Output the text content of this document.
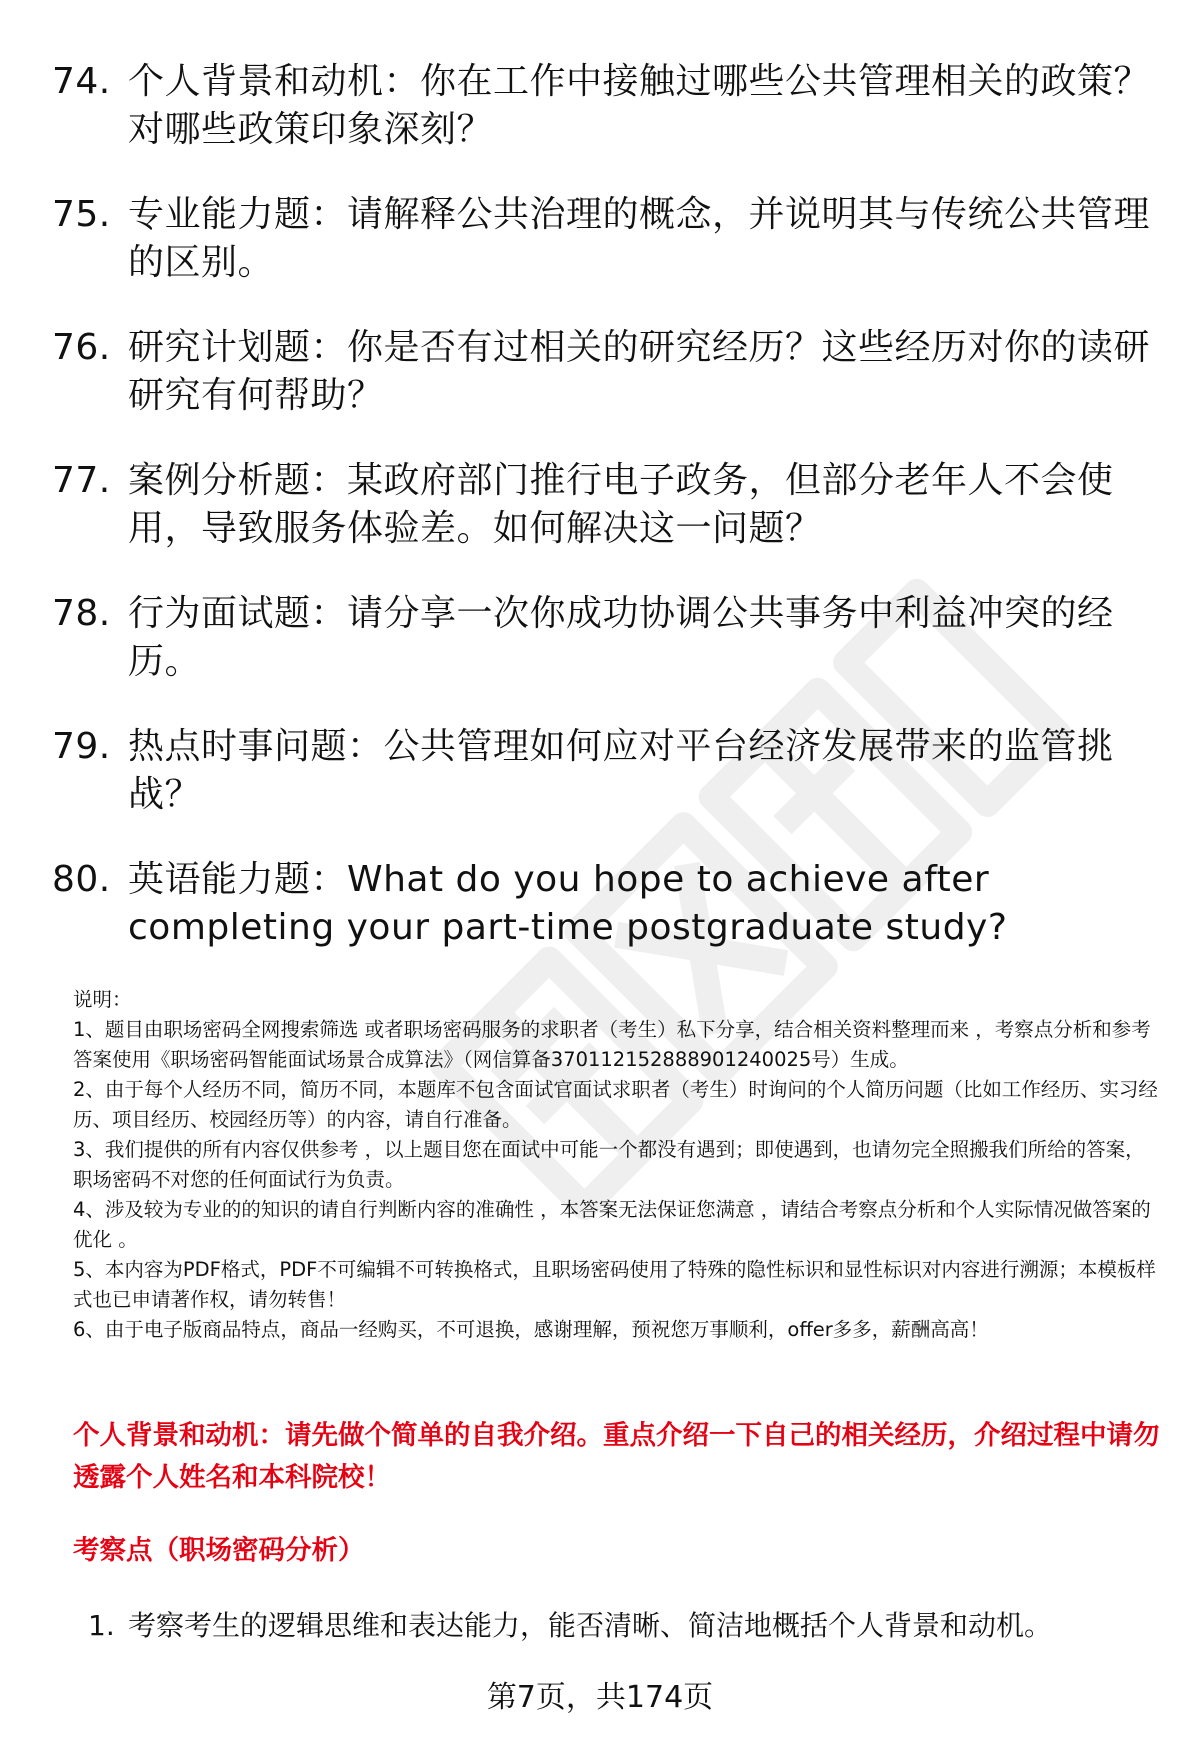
74. 个人背景和动机：你在工作中接触过哪些公共管理相关的政策？对哪些政策印象深刻？
75. 专业能力题：请解释公共治理的概念，并说明其与传统公共管理的区别。
76. 研究计划题：你是否有过相关的研究经历？这些经历对你的读研研究有何帮助？
77. 案例分析题：某政府部门推行电子政务，但部分老年人不会使用，导致服务体验差。如何解决这一问题？
78. 行为面试题：请分享一次你成功协调公共事务中利益冲突的经历。
79. 热点时事问题：公共管理如何应对平台经济发展带来的监管挑战？
80. 英语能力题：What do you hope to achieve after completing your part-time postgraduate study?

说明：

1、题目由职场密码全网搜索筛选 或者职场密码服务的求职者（考生）私下分享，结合相关资料整理而来 ，考察点分析和参考答案使用《职场密码智能面试场景合成算法》（网信算备370112152888901240025号）生成。

2、由于每个人经历不同，简历不同，本题库不包含面试官面试求职者（考生）时询问的个人简历问题（比如工作经历、实习经历、项目经历、校园经历等）的内容，请自行准备。

3、我们提供的所有内容仅供参考 ，以上题目您在面试中可能一个都没有遇到；即使遇到，也请勿完全照搬我们所给的答案，职场密码不对您的任何面试行为负责。

4、涉及较为专业的的知识的请自行判断内容的准确性 ，本答案无法保证您满意 ，请结合考察点分析和个人实际情况做答案的优化 。

5、本内容为PDF格式，PDF不可编辑不可转换格式，且职场密码使用了特殊的隐性标识和显性标识对内容进行溯源；本模板样式也已申请著作权，请勿转售！

6、由于电子版商品特点，商品一经购买，不可退换，感谢理解，预祝您万事顺利，offer多多，薪酬高高！

个人背景和动机：请先做个简单的自我介绍。重点介绍一下自己的相关经历，介绍过程中请勿透露个人姓名和本科院校！
考察点（职场密码分析）
1. 考察考生的逻辑思维和表达能力，能否清晰、简洁地概括个人背景和动机。
第7页，共174页
